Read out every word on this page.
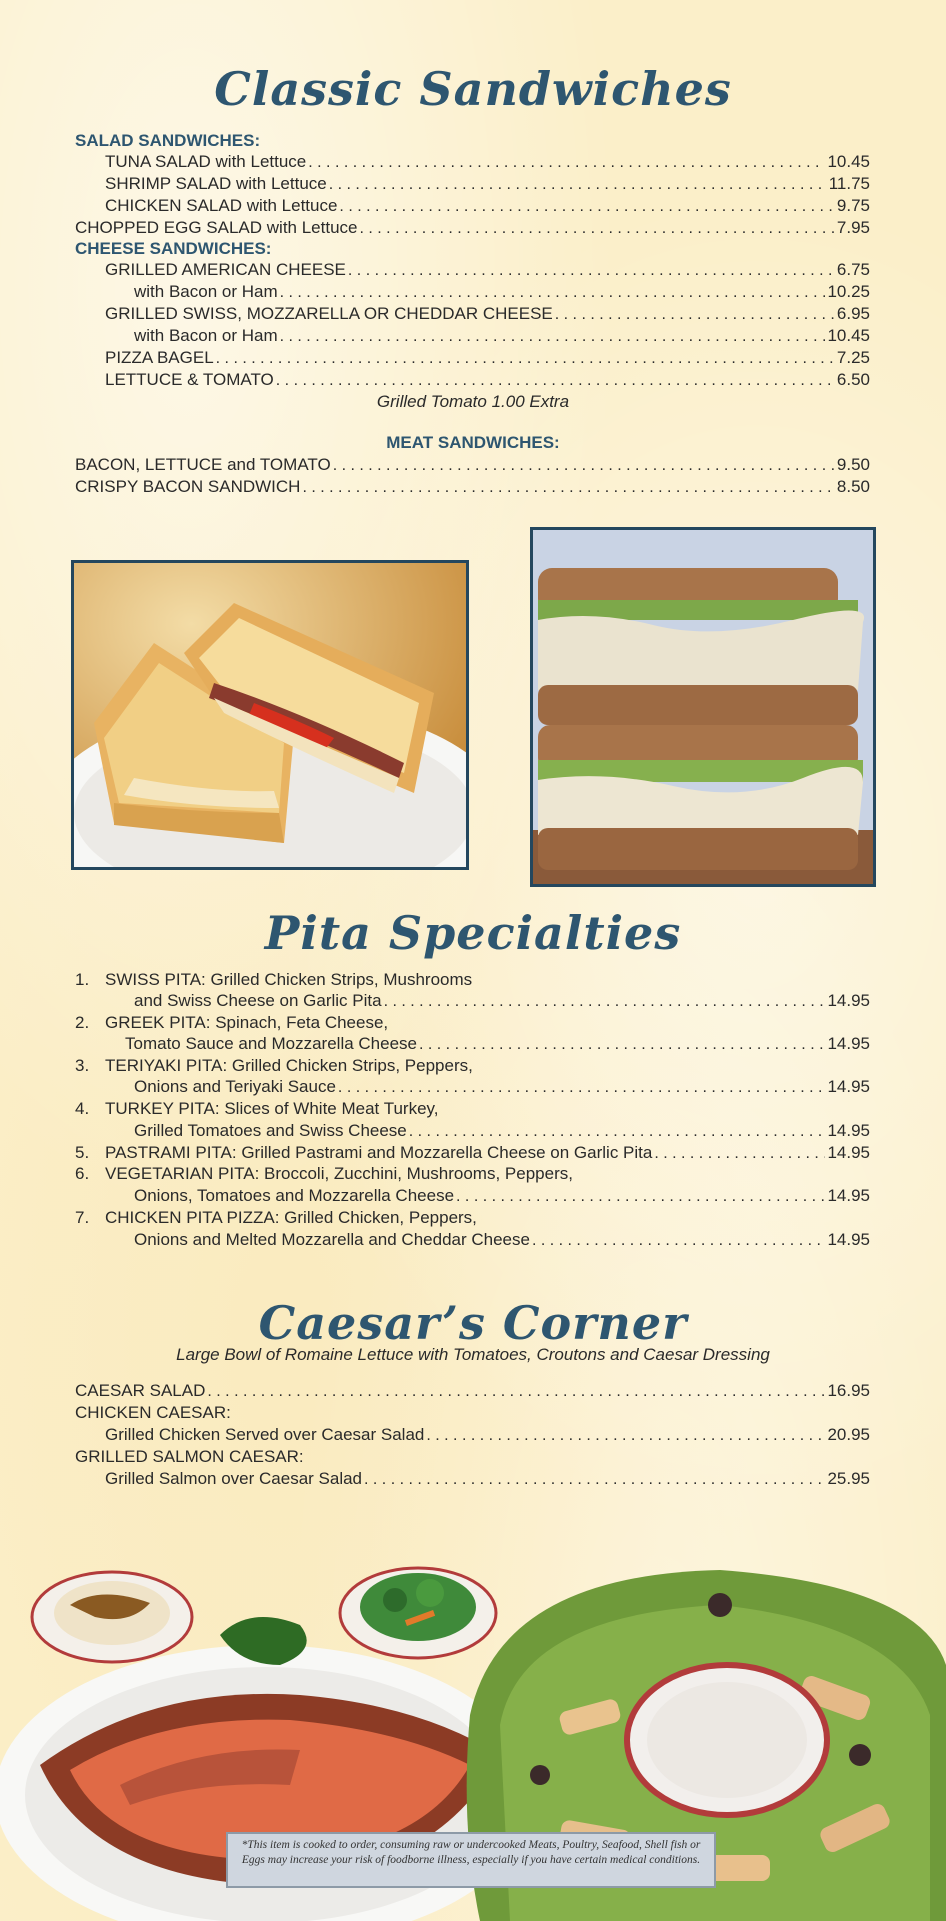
Classic Sandwiches
SALAD SANDWICHES:
TUNA SALAD with Lettuce . . .	10.45
SHRIMP SALAD with Lettuce . . .	11.75
CHICKEN SALAD with Lettuce . . .	9.75
CHOPPED EGG SALAD with Lettuce . . .	7.95
CHEESE SANDWICHES:
GRILLED AMERICAN CHEESE . . .	6.75
with Bacon or Ham . . .	10.25
GRILLED SWISS, MOZZARELLA OR CHEDDAR CHEESE . . .	6.95
with Bacon or Ham . . .	10.45
PIZZA BAGEL . . .	7.25
LETTUCE & TOMATO . . .	6.50
Grilled Tomato 1.00 Extra
MEAT SANDWICHES:
BACON, LETTUCE and TOMATO . . .	9.50
CRISPY BACON SANDWICH . . .	8.50
Pita Specialties
1. SWISS PITA: Grilled Chicken Strips, Mushrooms
and Swiss Cheese on Garlic Pita . . .	14.95
2. GREEK PITA: Spinach, Feta Cheese,
Tomato Sauce and Mozzarella Cheese . . .	14.95
3. TERIYAKI PITA: Grilled Chicken Strips, Peppers,
Onions and Teriyaki Sauce . . .	14.95
4. TURKEY PITA: Slices of White Meat Turkey,
Grilled Tomatoes and Swiss Cheese . . .	14.95
5. PASTRAMI PITA: Grilled Pastrami and Mozzarella Cheese on Garlic Pita . . .	14.95
6. VEGETARIAN PITA: Broccoli, Zucchini, Mushrooms, Peppers,
Onions, Tomatoes and Mozzarella Cheese . . .	14.95
7. CHICKEN PITA PIZZA: Grilled Chicken, Peppers,
Onions and Melted Mozzarella and Cheddar Cheese . . .	14.95
Caesar’s Corner
Large Bowl of Romaine Lettuce with Tomatoes, Croutons and Caesar Dressing
CAESAR SALAD . . .	16.95
CHICKEN CAESAR:
Grilled Chicken Served over Caesar Salad . . .	20.95
GRILLED SALMON CAESAR:
Grilled Salmon over Caesar Salad . . .	25.95
*This item is cooked to order, consuming raw or undercooked Meats, Poultry, Seafood, Shell fish or Eggs may increase your risk of foodborne illness, especially if you have certain medical conditions.
